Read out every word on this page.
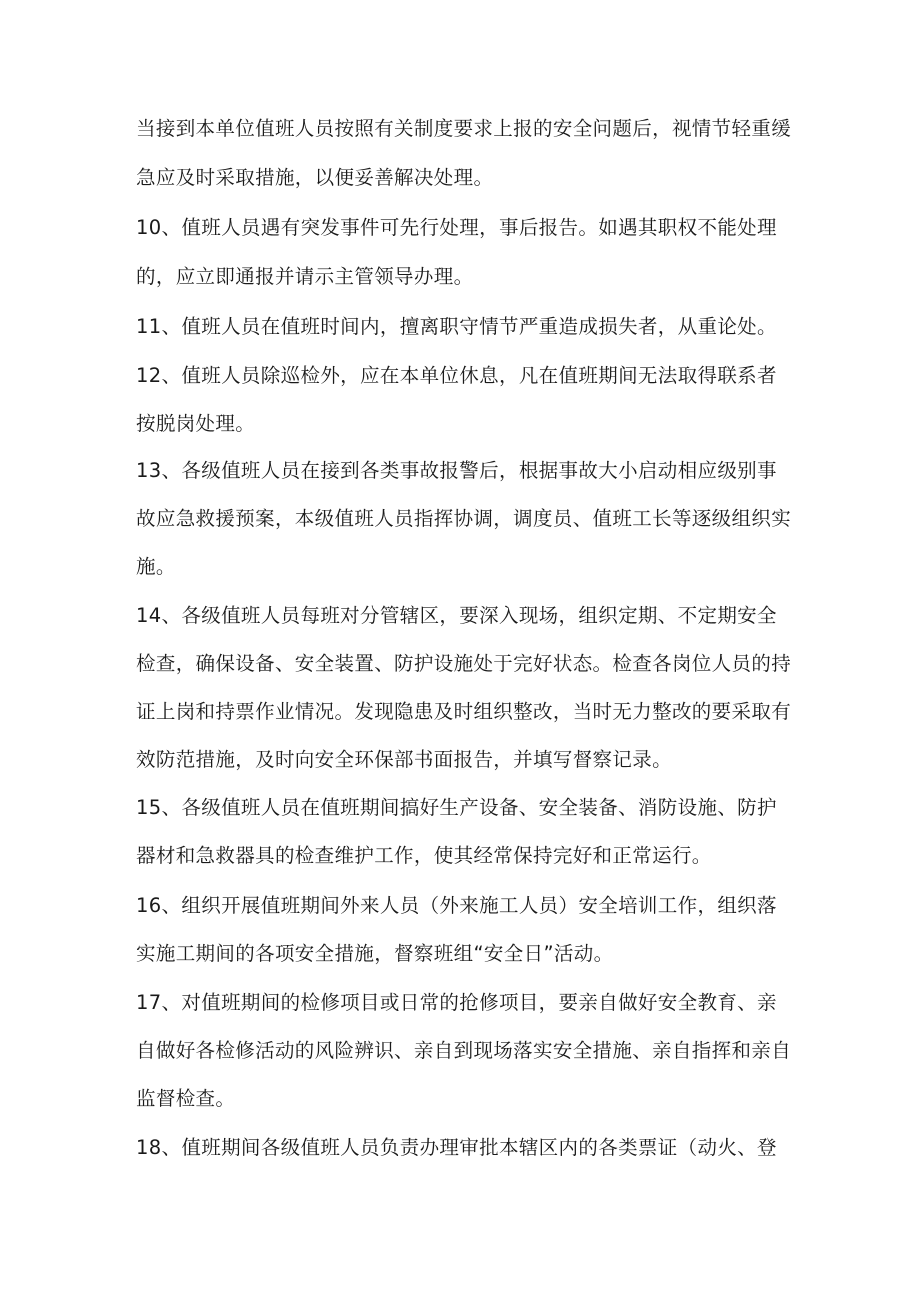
当接到本单位值班人员按照有关制度要求上报的安全问题后，视情节轻重缓
急应及时采取措施，以便妥善解决处理。
10、值班人员遇有突发事件可先行处理，事后报告。如遇其职权不能处理
的，应立即通报并请示主管领导办理。
11、值班人员在值班时间内，擅离职守情节严重造成损失者，从重论处。
12、值班人员除巡检外，应在本单位休息，凡在值班期间无法取得联系者
按脱岗处理。
13、各级值班人员在接到各类事故报警后，根据事故大小启动相应级别事
故应急救援预案，本级值班人员指挥协调，调度员、值班工长等逐级组织实
施。
14、各级值班人员每班对分管辖区，要深入现场，组织定期、不定期安全
检查，确保设备、安全装置、防护设施处于完好状态。检查各岗位人员的持
证上岗和持票作业情况。发现隐患及时组织整改，当时无力整改的要采取有
效防范措施，及时向安全环保部书面报告，并填写督察记录。
15、各级值班人员在值班期间搞好生产设备、安全装备、消防设施、防护
器材和急救器具的检查维护工作，使其经常保持完好和正常运行。
16、组织开展值班期间外来人员（外来施工人员）安全培训工作，组织落
实施工期间的各项安全措施，督察班组“安全日”活动。
17、对值班期间的检修项目或日常的抢修项目，要亲自做好安全教育、亲
自做好各检修活动的风险辨识、亲自到现场落实安全措施、亲自指挥和亲自
监督检查。
18、值班期间各级值班人员负责办理审批本辖区内的各类票证（动火、登
